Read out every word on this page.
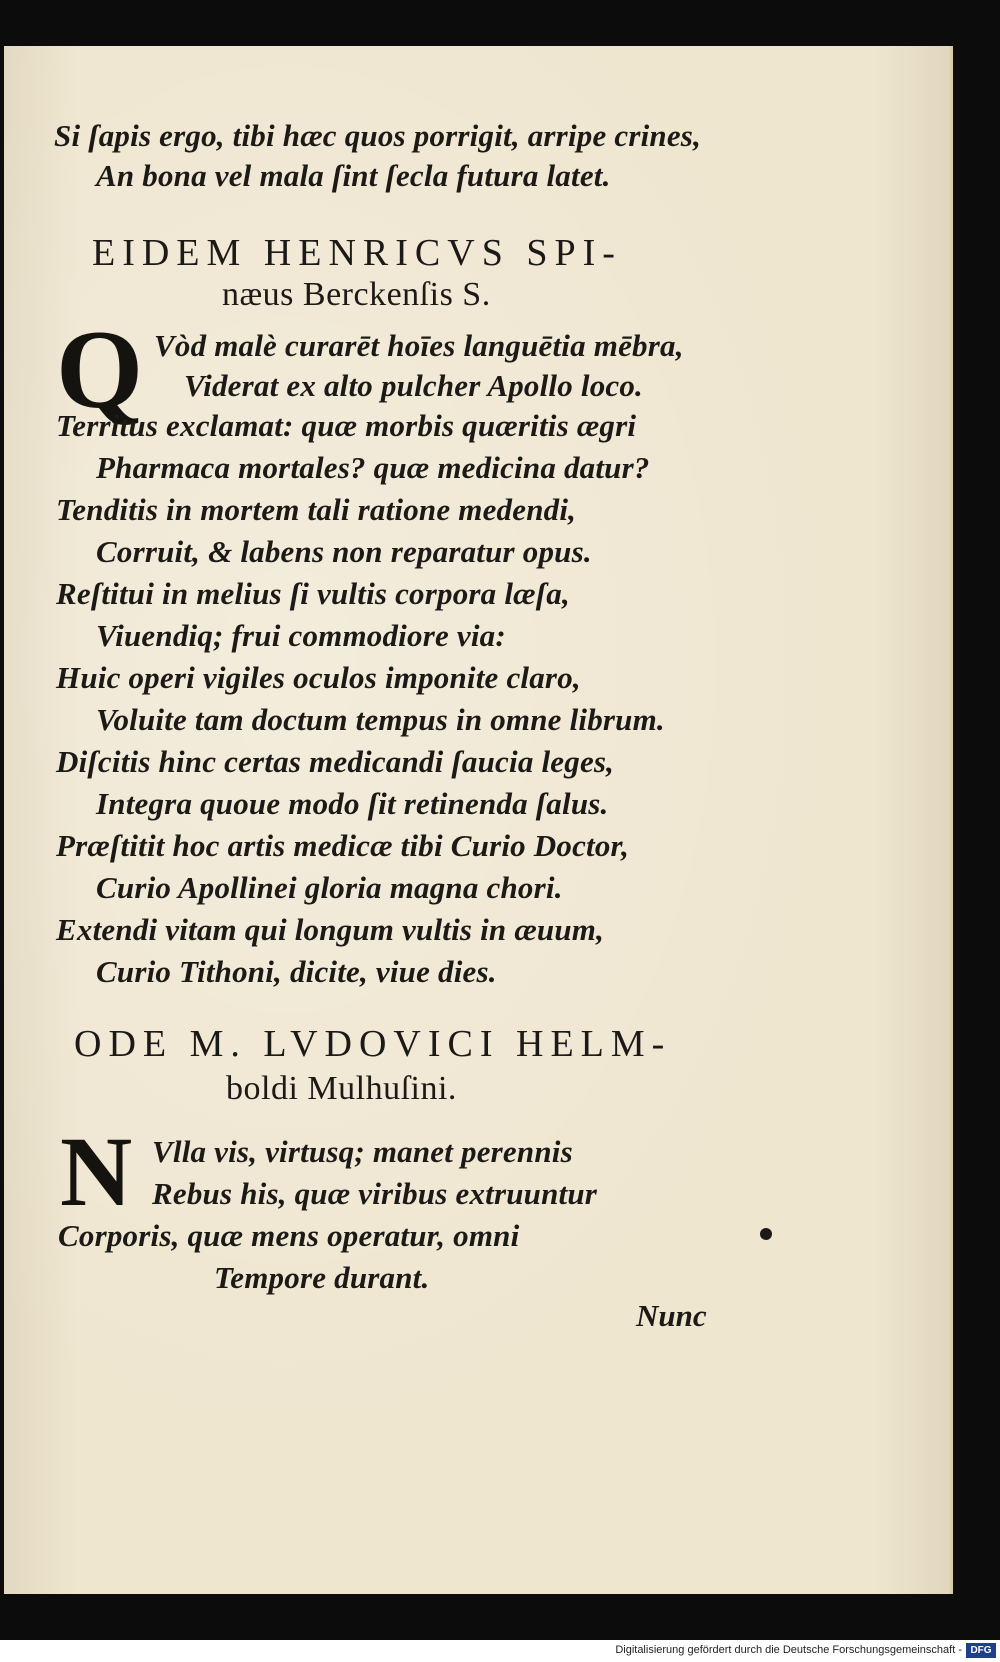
Si ſapis ergo, tibi hæc quos porrigit, arripe crines,
An bona vel mala ſint ſecla futura latet.
EIDEM HENRICVS SPI-
næus Berckenſis S.
Q Vòd malè curarēt hoīes languētia mēbra,
Viderat ex alto pulcher Apollo loco.
Territus exclamat: quæ morbis quæritis ægri
Pharmaca mortales? quæ medicina datur?
Tenditis in mortem tali ratione medendi,
Corruit, & labens non reparatur opus.
Reſtitui in melius ſi vultis corpora læſa,
Viuendiq; frui commodiore via:
Huic operi vigiles oculos imponite claro,
Voluite tam doctum tempus in omne librum.
Diſcitis hinc certas medicandi ſaucia leges,
Integra quoue modo ſit retinenda ſalus.
Præſtitit hoc artis medicæ tibi Curio Doctor,
Curio Apollinei gloria magna chori.
Extendi vitam qui longum vultis in æuum,
Curio Tithoni, dicite, viue dies.
ODE M. LVDOVICI HELM-
boldi Mulhuſini.
N Vlla vis, virtusq; manet perennis
Rebus his, quæ viribus extruuntur
Corporis, quæ mens operatur, omni
Tempore durant.
Nunc
Digitalisierung gefördert durch die Deutsche Forschungsgemeinschaft - DFG
